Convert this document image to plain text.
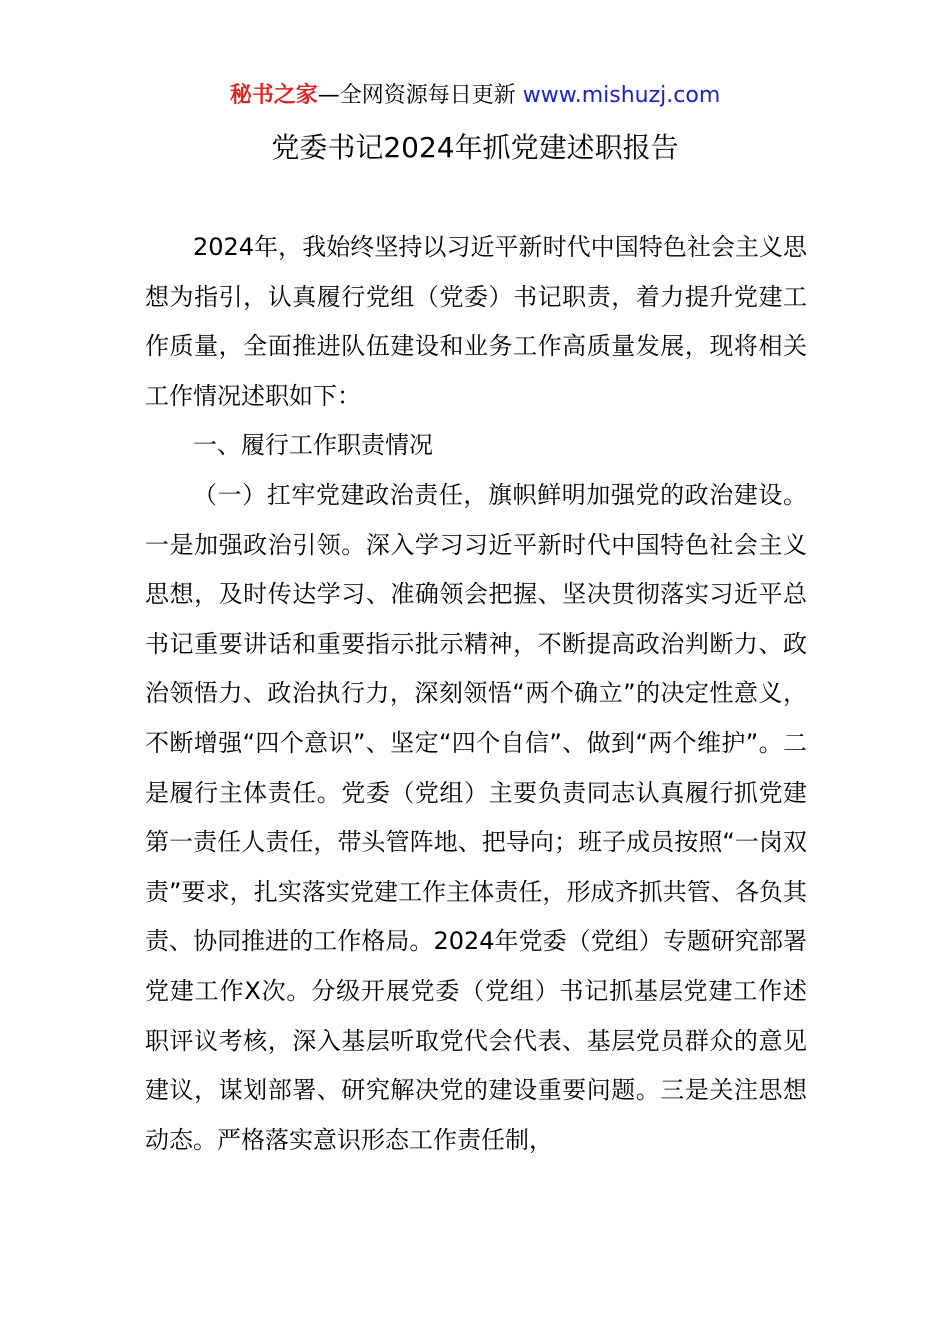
秘书之家—全网资源每日更新 www.mishuzj.com
党委书记2024年抓党建述职报告

2024年，我始终坚持以习近平新时代中国特色社会主义思想为指引，认真履行党组（党委）书记职责，着力提升党建工作质量，全面推进队伍建设和业务工作高质量发展，现将相关工作情况述职如下：

一、履行工作职责情况

（一）扛牢党建政治责任，旗帜鲜明加强党的政治建设。一是加强政治引领。深入学习习近平新时代中国特色社会主义思想，及时传达学习、准确领会把握、坚决贯彻落实习近平总书记重要讲话和重要指示批示精神，不断提高政治判断力、政治领悟力、政治执行力，深刻领悟“两个确立”的决定性意义，不断增强“四个意识”、坚定“四个自信”、做到“两个维护”。二是履行主体责任。党委（党组）主要负责同志认真履行抓党建第一责任人责任，带头管阵地、把导向；班子成员按照“一岗双责”要求，扎实落实党建工作主体责任，形成齐抓共管、各负其责、协同推进的工作格局。2024年党委（党组）专题研究部署党建工作X次。分级开展党委（党组）书记抓基层党建工作述职评议考核，深入基层听取党代会代表、基层党员群众的意见建议，谋划部署、研究解决党的建设重要问题。三是关注思想动态。严格落实意识形态工作责任制，
